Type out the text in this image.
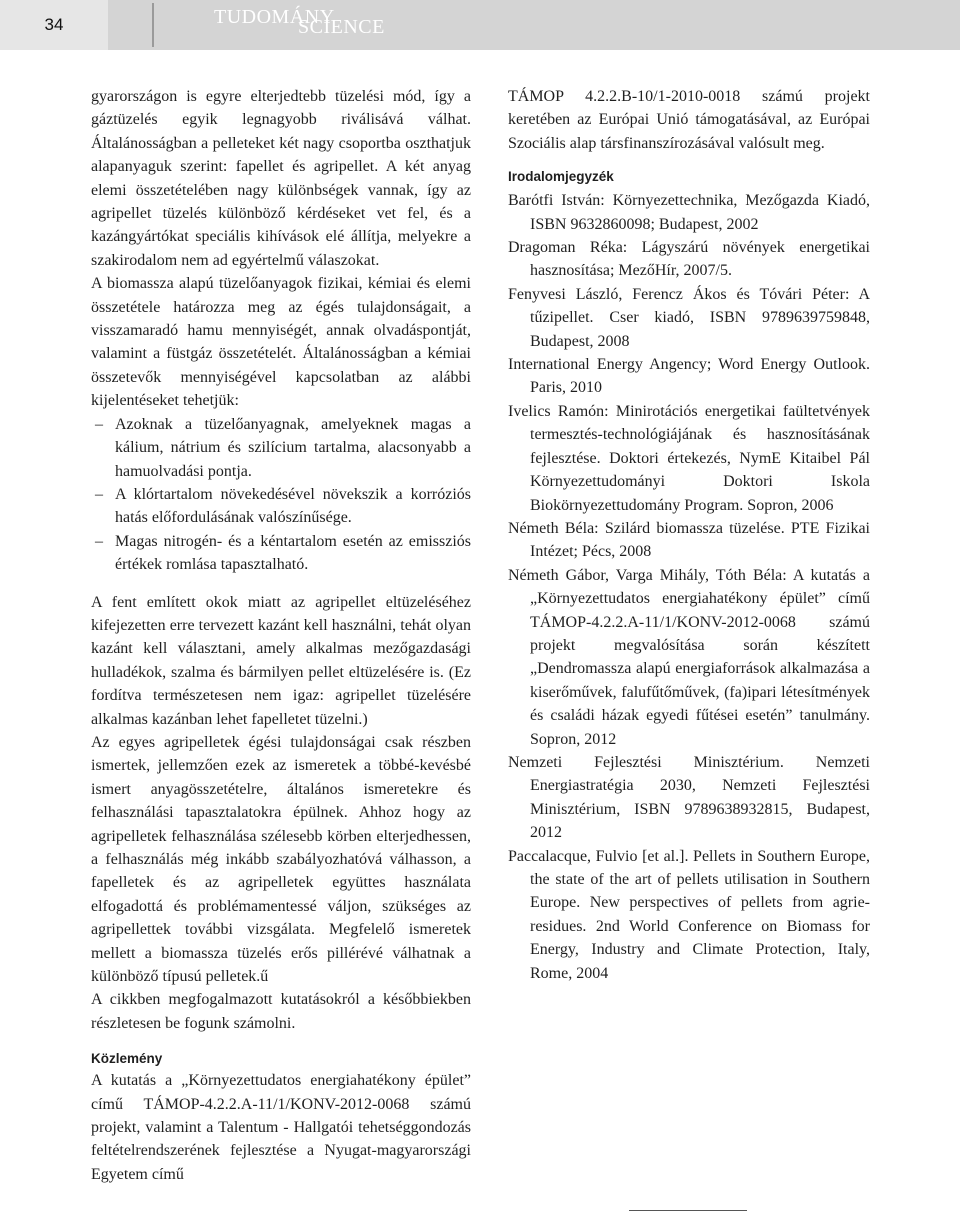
34	TUDOMÁNY
SCIENCE

gyarországon is egyre elterjedtebb tüzelési mód, így a gáztüzelés egyik legnagyobb riválisává válhat. Általánosságban a pelleteket két nagy csoportba oszthatjuk alapanyaguk szerint: fapellet és agripellet. A két anyag elemi összetételében nagy különbségek vannak, így az agripellet tüzelés különböző kérdéseket vet fel, és a kazángyártókat speciális kihívások elé állítja, melyekre a szakirodalom nem ad egyértelmű válaszokat.

A biomassza alapú tüzelőanyagok fizikai, kémiai és elemi összetétele határozza meg az égés tulajdonságait, a visszamaradó hamu mennyiségét, annak olvadáspontját, valamint a füstgáz összetételét. Általánosságban a kémiai összetevők mennyiségével kapcsolatban az alábbi kijelentéseket tehetjük:

– Azoknak a tüzelőanyagnak, amelyeknek magas a kálium, nátrium és szilícium tartalma, alacsonyabb a hamuolvadási pontja.
– A klórtartalom növekedésével növekszik a korróziós hatás előfordulásának valószínűsége.
– Magas nitrogén- és a kéntartalom esetén az emissziós értékek romlása tapasztalható.

A fent említett okok miatt az agripellet eltüzeléséhez kifejezetten erre tervezett kazánt kell használni, tehát olyan kazánt kell választani, amely alkalmas mezőgazdasági hulladékok, szalma és bármilyen pellet eltüzelésére is. (Ez fordítva természetesen nem igaz: agripellet tüzelésére alkalmas kazánban lehet fapelletet tüzelni.)

Az egyes agripelletek égési tulajdonságai csak részben ismertek, jellemzően ezek az ismeretek a többé-kevésbé ismert anyagösszetételre, általános ismeretekre és felhasználási tapasztalatokra épülnek. Ahhoz hogy az agripelletek felhasználása szélesebb körben elterjedhessen, a felhasználás még inkább szabályozhatóvá válhasson, a fapelletek és az agripelletek együttes használata elfogadottá és problémamentessé váljon, szükséges az agripellettek további vizsgálata. Megfelelő ismeretek mellett a biomassza tüzelés erős pillérévé válhatnak a különböző típusú pelletek.ű

A cikkben megfogalmazott kutatásokról a későbbiekben részletesen be fogunk számolni.

Közlemény

A kutatás a „Környezettudatos energiahatékony épület” című TÁMOP-4.2.2.A-11/1/KONV-2012-0068 számú projekt, valamint a Talentum - Hallgatói tehetséggondozás feltételrendszerének fejlesztése a Nyugat-magyarországi Egyetem című

TÁMOP 4.2.2.B-10/1-2010-0018 számú projekt keretében az Európai Unió támogatásával, az Európai Szociális alap társfinanszírozásával valósult meg.

Irodalomjegyzék

Barótfi István: Környezettechnika, Mezőgazda Kiadó, ISBN 9632860098; Budapest, 2002
Dragoman Réka: Lágyszárú növények energetikai hasznosítása; MezőHír, 2007/5.
Fenyvesi László, Ferencz Ákos és Tóvári Péter: A tűzipellet. Cser kiadó, ISBN 9789639759848, Budapest, 2008
International Energy Angency; Word Energy Outlook. Paris, 2010
Ivelics Ramón: Minirotációs energetikai faültetvények termesztés-technológiájának és hasznosításának fejlesztése. Doktori értekezés, NymE Kitaibel Pál Környezettudományi Doktori Iskola Biokörnyezettudomány Program. Sopron, 2006
Németh Béla: Szilárd biomassza tüzelése. PTE Fizikai Intézet; Pécs, 2008
Németh Gábor, Varga Mihály, Tóth Béla: A kutatás a „Környezettudatos energiahatékony épület” című TÁMOP-4.2.2.A-11/1/KONV-2012-0068 számú projekt megvalósítása során készített „Dendromassza alapú energiaforrások alkalmazása a kiserőművek, falufűtőművek, (fa)ipari létesítmények és családi házak egyedi fűtései esetén” tanulmány. Sopron, 2012
Nemzeti Fejlesztési Minisztérium. Nemzeti Energiastratégia 2030, Nemzeti Fejlesztési Minisztérium, ISBN 9789638932815, Budapest, 2012
Paccalacque, Fulvio [et al.]. Pellets in Southern Europe, the state of the art of pellets utilisation in Southern Europe. New perspectives of pellets from agrie-residues. 2nd World Conference on Biomass for Energy, Industry and Climate Protection, Italy, Rome, 2004
